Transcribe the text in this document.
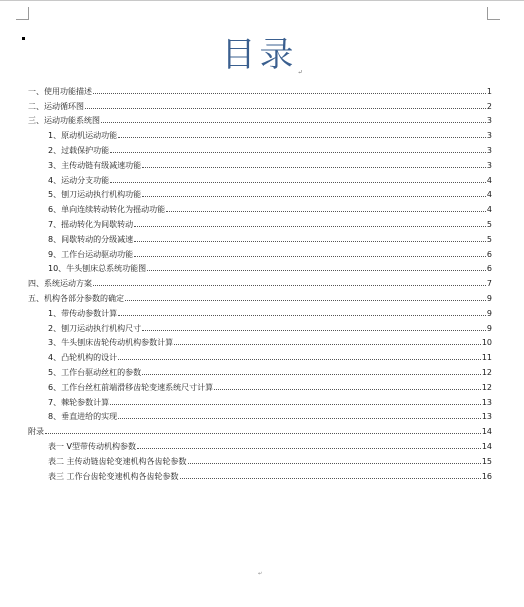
目录↵
一、使用功能描述	1
二、运动循环图	2
三、运动功能系统图	3
1、原动机运动功能	3
2、过载保护功能	3
3、主传动链有级减速功能	3
4、运动分支功能	4
5、刨刀运动执行机构功能	4
6、单向连续转动转化为摇动功能	4
7、摇动转化为间歇转动	5
8、间歇转动的分级减速	5
9、工作台运动驱动功能	6
10、牛头刨床总系统功能图	6
四、系统运动方案	7
五、机构各部分参数的确定	9
1、带传动参数计算	9
2、刨刀运动执行机构尺寸	9
3、牛头刨床齿轮传动机构参数计算	10
4、凸轮机构的设计	11
5、工作台驱动丝杠的参数	12
6、工作台丝杠前端滑移齿轮变速系统尺寸计算	12
7、棘轮参数计算	13
8、垂直进给的实现	13
附录	14
表一 V型带传动机构参数	14
表二 主传动链齿轮变速机构各齿轮参数	15
表三 工作台齿轮变速机构各齿轮参数	16
↵
